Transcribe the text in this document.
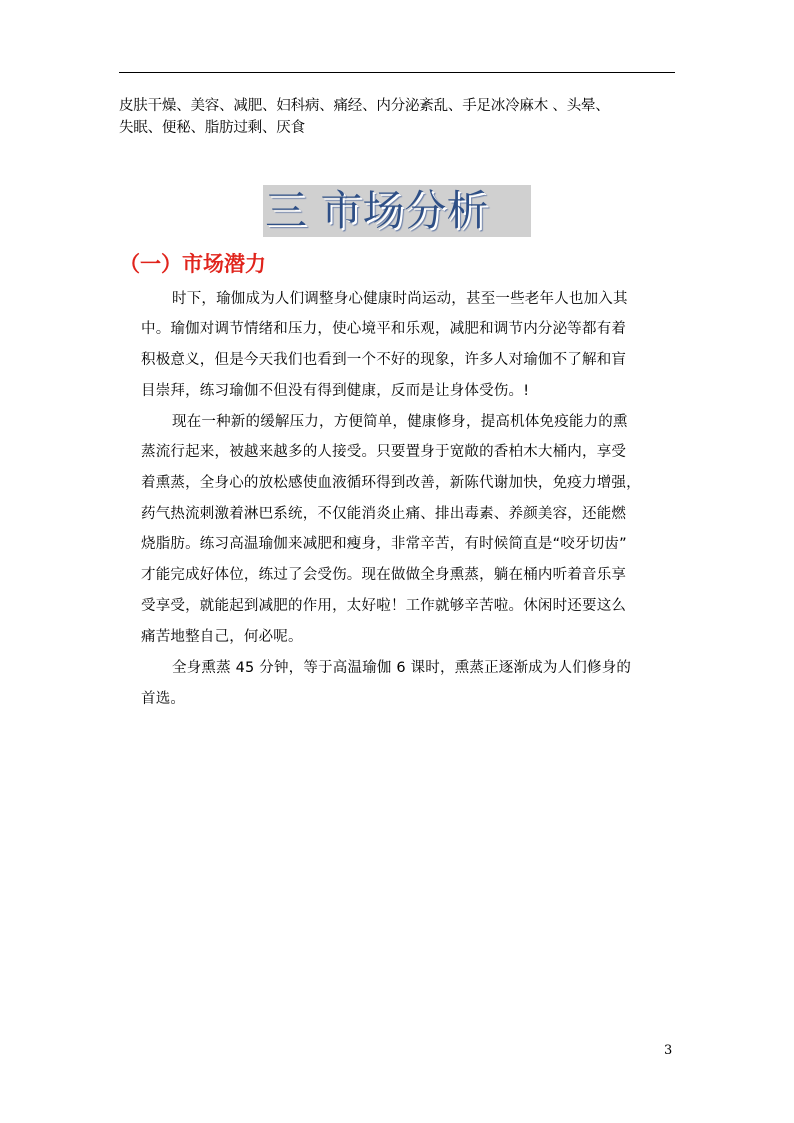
皮肤干燥、美容、减肥、妇科病、痛经、内分泌紊乱、手足冰冷麻木 、头晕、
失眠、便秘、脂肪过剩、厌食
三 市场分析
（一）市场潜力
时下，瑜伽成为人们调整身心健康时尚运动，甚至一些老年人也加入其
中。瑜伽对调节情绪和压力，使心境平和乐观，减肥和调节内分泌等都有着
积极意义，但是今天我们也看到一个不好的现象，许多人对瑜伽不了解和盲
目崇拜，练习瑜伽不但没有得到健康，反而是让身体受伤。!
现在一种新的缓解压力，方便简单，健康修身，提高机体免疫能力的熏
蒸流行起来，被越来越多的人接受。只要置身于宽敞的香柏木大桶内，享受
着熏蒸，全身心的放松感使血液循环得到改善，新陈代谢加快，免疫力增强，
药气热流刺激着淋巴系统，不仅能消炎止痛、排出毒素、养颜美容，还能燃
烧脂肪。练习高温瑜伽来减肥和瘦身，非常辛苦，有时候简直是“咬牙切齿”
才能完成好体位，练过了会受伤。现在做做全身熏蒸，躺在桶内听着音乐享
受享受，就能起到减肥的作用，太好啦！工作就够辛苦啦。休闲时还要这么
痛苦地整自己，何必呢。
全身熏蒸 45 分钟，等于高温瑜伽 6 课时，熏蒸正逐渐成为人们修身的
首选。
3
